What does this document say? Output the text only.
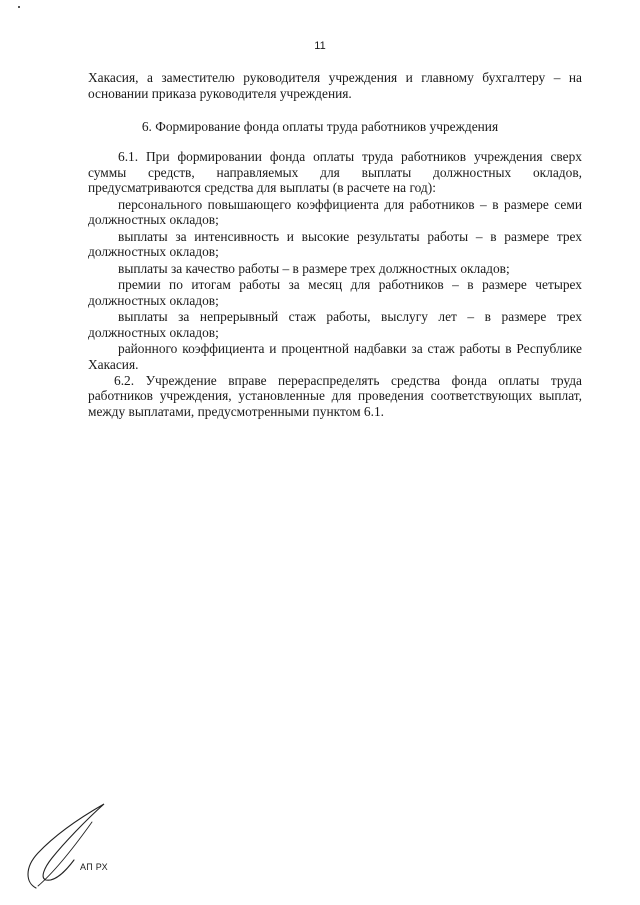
11

Хакасия, а заместителю руководителя учреждения и главному бухгалтеру – на основании приказа руководителя учреждения.

6. Формирование фонда оплаты труда работников учреждения

6.1. При формировании фонда оплаты труда работников учреждения сверх суммы средств, направляемых для выплаты должностных окладов, предусматриваются средства для выплаты (в расчете на год):

персонального повышающего коэффициента для работников – в размере семи должностных окладов;

выплаты за интенсивность и высокие результаты работы – в размере трех должностных окладов;

выплаты за качество работы – в размере трех должностных окладов;

премии по итогам работы за месяц для работников – в размере четырех должностных окладов;

выплаты за непрерывный стаж работы, выслугу лет – в размере трех должностных окладов;

районного коэффициента и процентной надбавки за стаж работы в Республике Хакасия.

6.2. Учреждение вправе перераспределять средства фонда оплаты труда работников учреждения, установленные для проведения соответствующих выплат, между выплатами, предусмотренными пунктом 6.1.

АП РХ
